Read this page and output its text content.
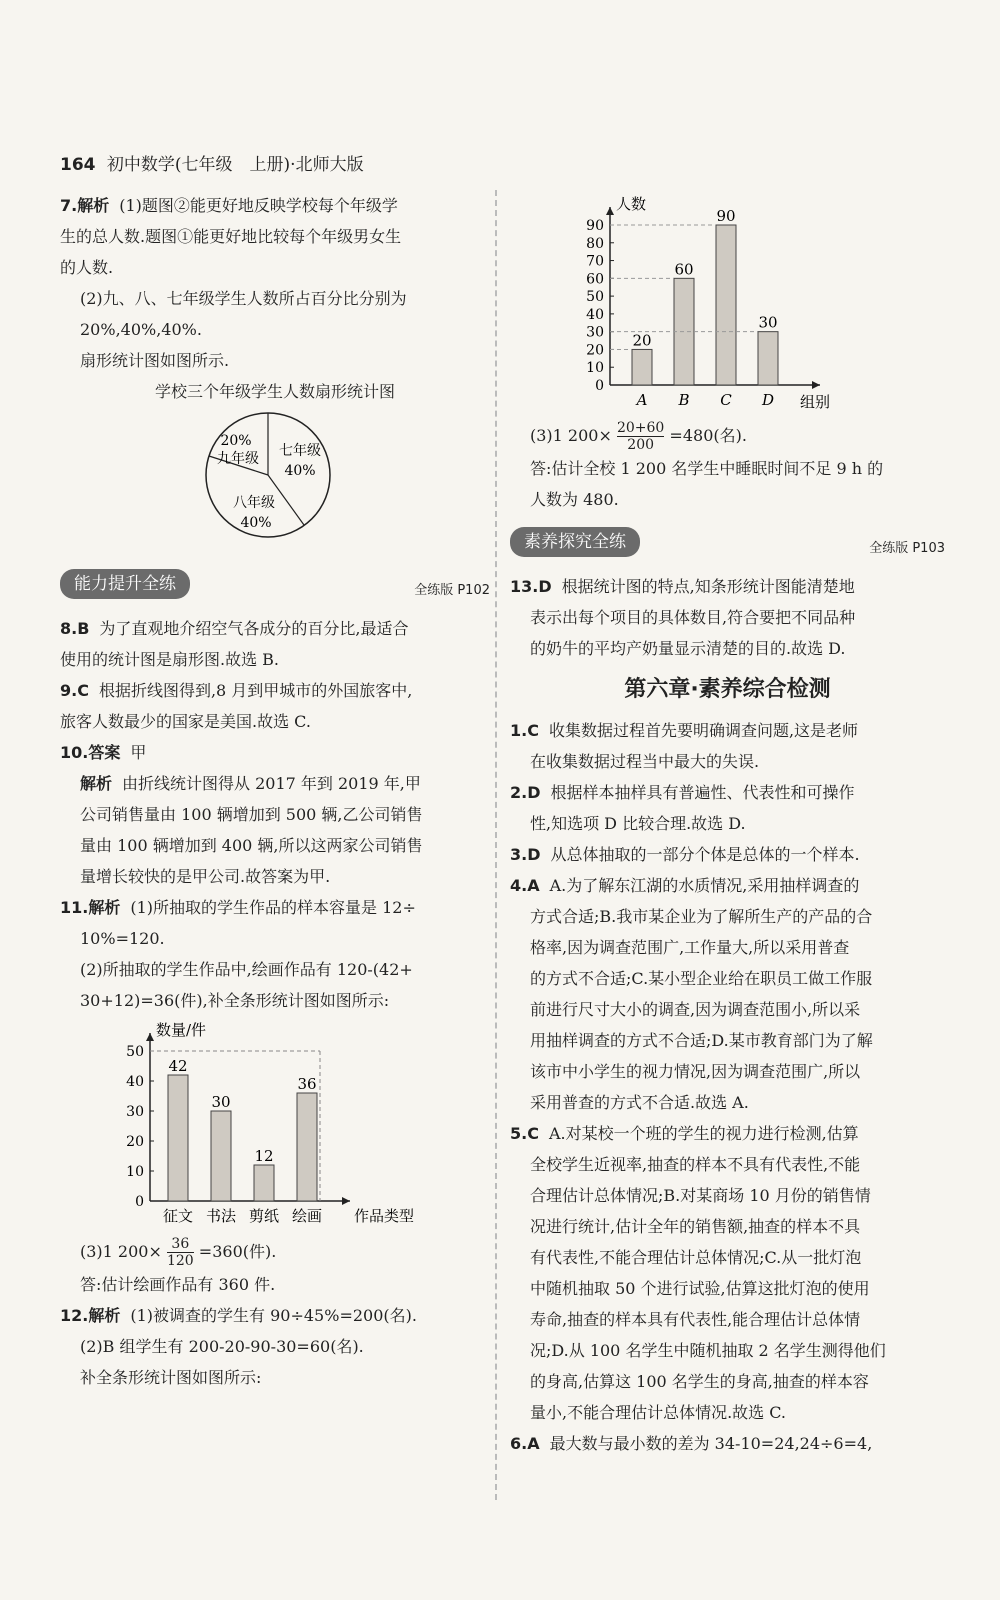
164 初中数学(七年级　上册)·北师大版

7.解析 (1)题图②能更好地反映学校每个年级学

生的总人数.题图①能更好地比较每个年级男女生

的人数.

(2)九、八、七年级学生人数所占百分比分别为

20%,40%,40%.

扇形统计图如图所示.

学校三个年级学生人数扇形统计图

20%
九年级 七年级
40%
八年级
40%
能力提升全练	全练版 P102

8.B 为了直观地介绍空气各成分的百分比,最适合

使用的统计图是扇形图.故选 B.

9.C 根据折线图得到,8 月到甲城市的外国旅客中,

旅客人数最少的国家是美国.故选 C.

10.答案 甲

解析 由折线统计图得从 2017 年到 2019 年,甲

公司销售量由 100 辆增加到 500 辆,乙公司销售

量由 100 辆增加到 400 辆,所以这两家公司销售

量增长较快的是甲公司.故答案为甲.

11.解析 (1)所抽取的学生作品的样本容量是 12÷

10%=120.

(2)所抽取的学生作品中,绘画作品有 120-(42+

30+12)=36(件),补全条形统计图如图所示:

0
10
20
30
40
50
42
征文
30
书法
12
剪纸
36
绘画
数量/件
作品类型

(3)1 $200\times \frac{36}{120} =360$(件).

答:估计绘画作品有 360 件.

12.解析 (1)被调查的学生有 90÷45%=200(名).

(2)B 组学生有 200-20-90-30=60(名).

补全条形统计图如图所示:

0
10
20
30
40
50
60
70
80
90
20
A
60
B
90
C
30
D
人数
组别

(3)1 $200\times \frac{20+60}{200} =480$(名).

答:估计全校 1 200 名学生中睡眠时间不足 9 h 的

人数为 480.

素养探究全练	全练版 P103

13.D 根据统计图的特点,知条形统计图能清楚地

表示出每个项目的具体数目,符合要把不同品种

的奶牛的平均产奶量显示清楚的目的.故选 D.

第六章·素养综合检测

1.C 收集数据过程首先要明确调查问题,这是老师

在收集数据过程当中最大的失误.

2.D 根据样本抽样具有普遍性、代表性和可操作

性,知选项 D 比较合理.故选 D.

3.D 从总体抽取的一部分个体是总体的一个样本.

4.A A.为了解东江湖的水质情况,采用抽样调查的

方式合适;B.我市某企业为了解所生产的产品的合

格率,因为调查范围广,工作量大,所以采用普查

的方式不合适;C.某小型企业给在职员工做工作服

前进行尺寸大小的调查,因为调查范围小,所以采

用抽样调查的方式不合适;D.某市教育部门为了解

该市中小学生的视力情况,因为调查范围广,所以

采用普查的方式不合适.故选 A.

5.C A.对某校一个班的学生的视力进行检测,估算

全校学生近视率,抽查的样本不具有代表性,不能

合理估计总体情况;B.对某商场 10 月份的销售情

况进行统计,估计全年的销售额,抽查的样本不具

有代表性,不能合理估计总体情况;C.从一批灯泡

中随机抽取 50 个进行试验,估算这批灯泡的使用

寿命,抽查的样本具有代表性,能合理估计总体情

况;D.从 100 名学生中随机抽取 2 名学生测得他们

的身高,估算这 100 名学生的身高,抽查的样本容

量小,不能合理估计总体情况.故选 C.

6.A 最大数与最小数的差为 34-10=24,24÷6=4,
